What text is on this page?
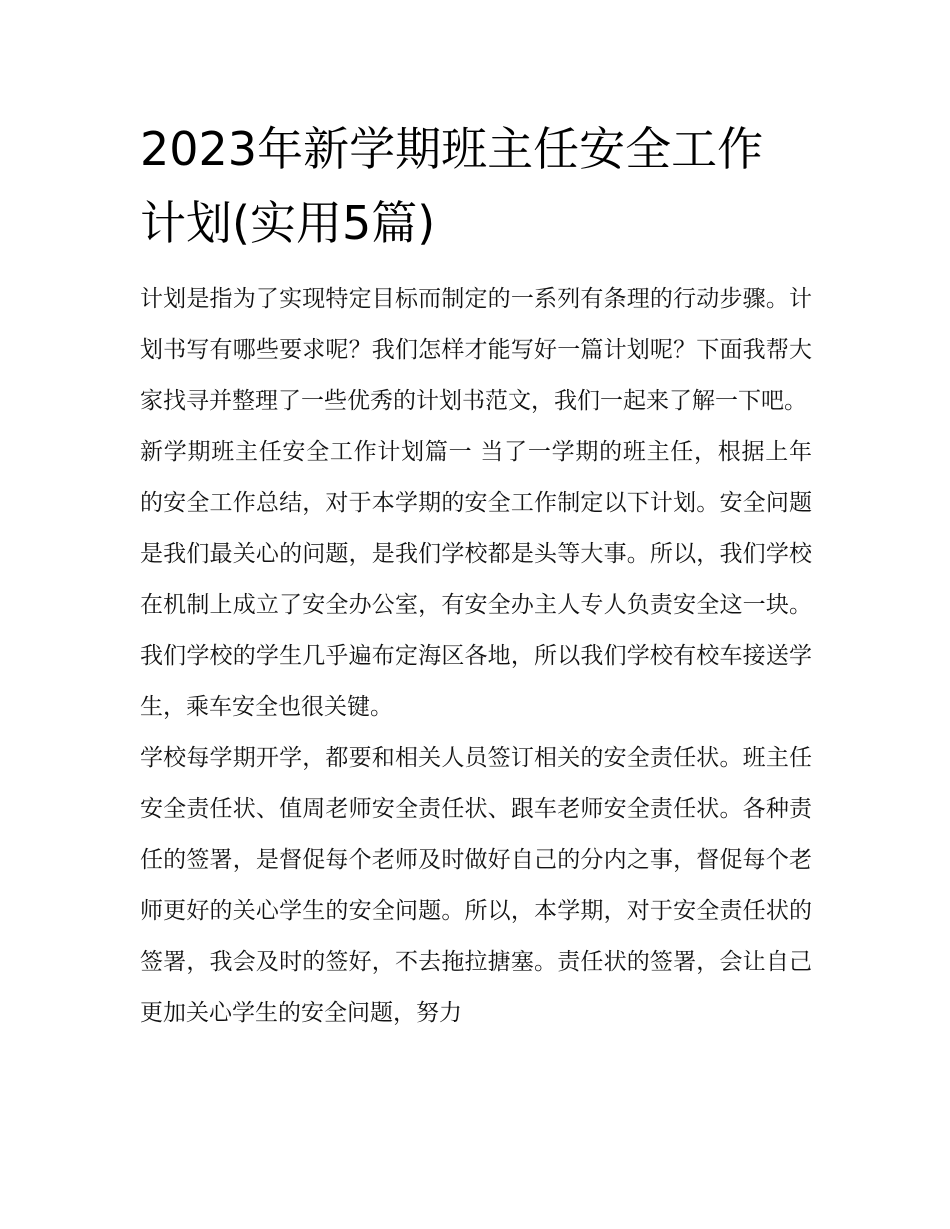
2023年新学期班主任安全工作
计划(实用5篇)

计划是指为了实现特定目标而制定的一系列有条理的行动步骤。计划书写有哪些要求呢？我们怎样才能写好一篇计划呢？下面我帮大家找寻并整理了一些优秀的计划书范文，我们一起来了解一下吧。

新学期班主任安全工作计划篇一 当了一学期的班主任，根据上年的安全工作总结，对于本学期的安全工作制定以下计划。安全问题是我们最关心的问题，是我们学校都是头等大事。所以，我们学校在机制上成立了安全办公室，有安全办主人专人负责安全这一块。我们学校的学生几乎遍布定海区各地，所以我们学校有校车接送学生，乘车安全也很关键。

学校每学期开学，都要和相关人员签订相关的安全责任状。班主任安全责任状、值周老师安全责任状、跟车老师安全责任状。各种责任的签署，是督促每个老师及时做好自己的分内之事，督促每个老师更好的关心学生的安全问题。所以，本学期，对于安全责任状的签署，我会及时的签好，不去拖拉搪塞。责任状的签署，会让自己更加关心学生的安全问题，努力
